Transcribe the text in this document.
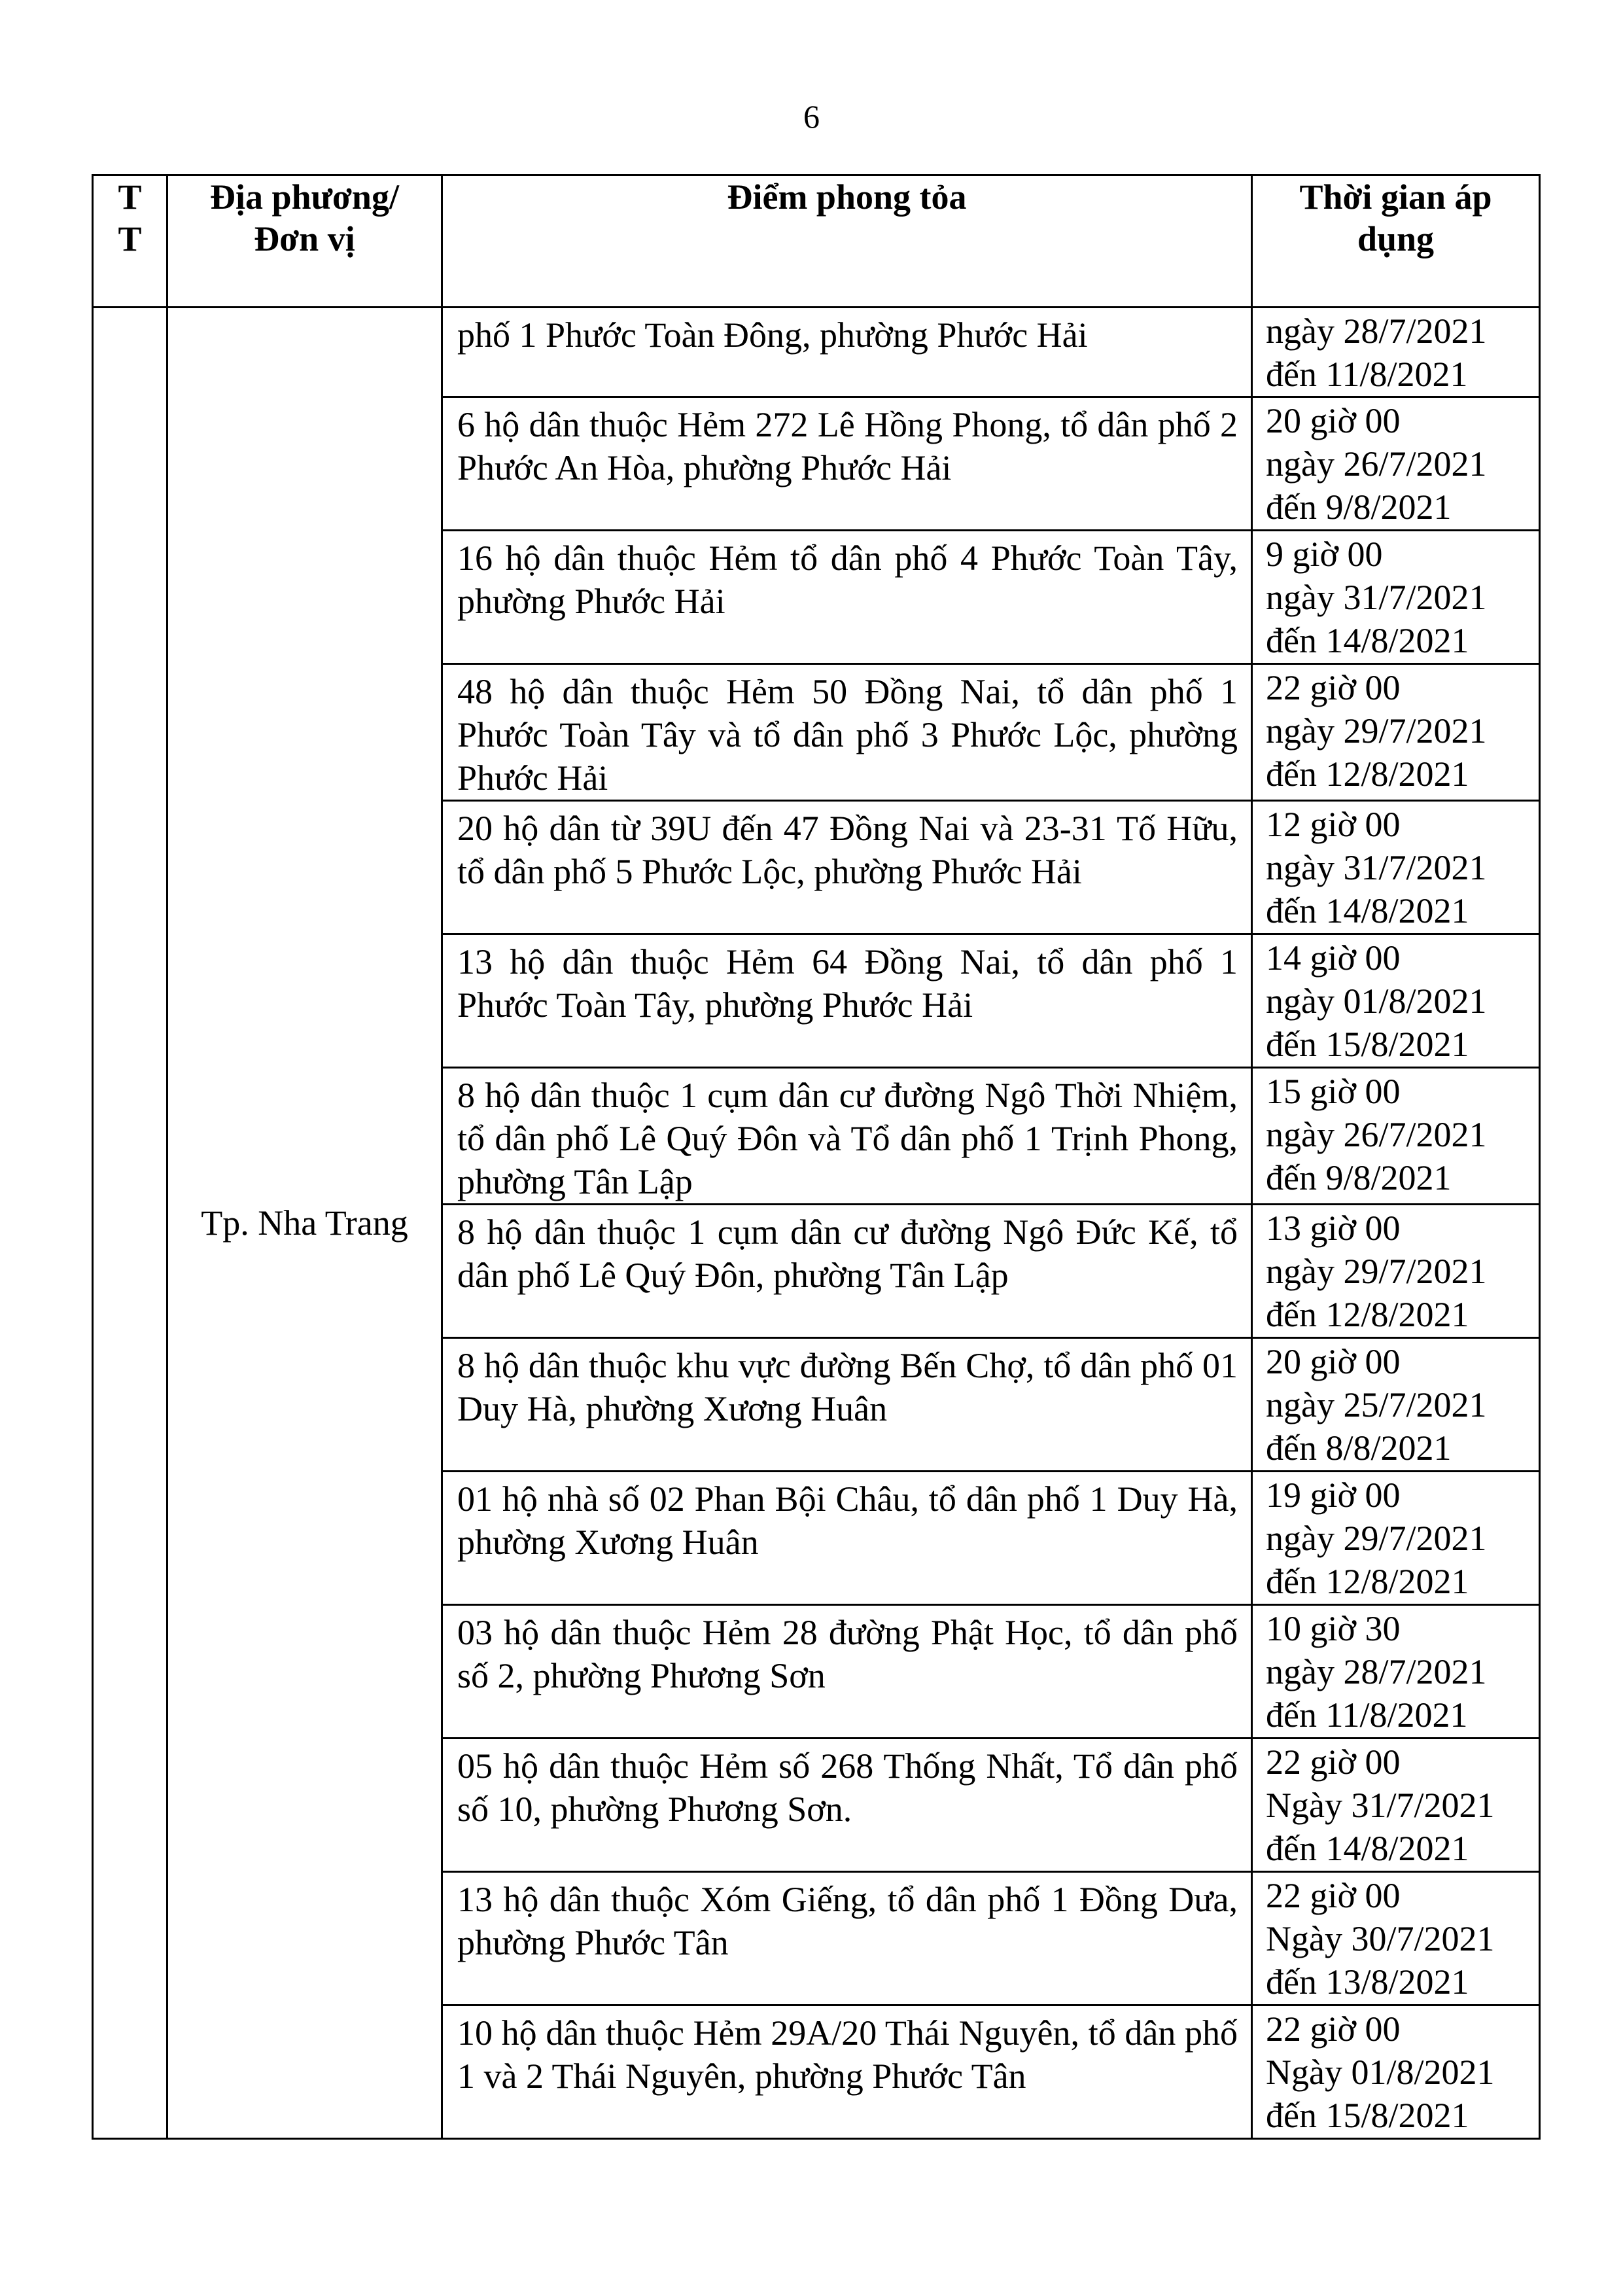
6
T
T	Địa phương/ Đơn vị	Điểm phong tỏa	Thời gian áp dụng
	Tp. Nha Trang	phố 1 Phước Toàn Đông, phường Phước Hải	ngày 28/7/2021
đến 11/8/2021

		6 hộ dân thuộc Hẻm 272 Lê Hồng Phong, tổ dân phố 2 Phước An Hòa, phường Phước Hải	20 giờ 00
ngày 26/7/2021
đến 9/8/2021

		16 hộ dân thuộc Hẻm tổ dân phố 4 Phước Toàn Tây, phường Phước Hải	9 giờ 00
ngày 31/7/2021
đến 14/8/2021

		48 hộ dân thuộc Hẻm 50 Đồng Nai, tổ dân phố 1 Phước Toàn Tây và tổ dân phố 3 Phước Lộc, phường Phước Hải	22 giờ 00
ngày 29/7/2021
đến 12/8/2021

		20 hộ dân từ 39U đến 47 Đồng Nai và 23-31 Tố Hữu, tổ dân phố 5 Phước Lộc, phường Phước Hải	12 giờ 00
ngày 31/7/2021
đến 14/8/2021

		13 hộ dân thuộc Hẻm 64 Đồng Nai, tổ dân phố 1 Phước Toàn Tây, phường Phước Hải	14 giờ 00
ngày 01/8/2021
đến 15/8/2021

		8 hộ dân thuộc 1 cụm dân cư đường Ngô Thời Nhiệm, tổ dân phố Lê Quý Đôn và Tổ dân phố 1 Trịnh Phong, phường Tân Lập	15 giờ 00
ngày 26/7/2021
đến 9/8/2021

		8 hộ dân thuộc 1 cụm dân cư đường Ngô Đức Kế, tổ dân phố Lê Quý Đôn, phường Tân Lập	13 giờ 00
ngày 29/7/2021
đến 12/8/2021

		8 hộ dân thuộc khu vực đường Bến Chợ, tổ dân phố 01 Duy Hà, phường Xương Huân	20 giờ 00
ngày 25/7/2021
đến 8/8/2021

		01 hộ nhà số 02 Phan Bội Châu, tổ dân phố 1 Duy Hà, phường Xương Huân	19 giờ 00
ngày 29/7/2021
đến 12/8/2021

		03 hộ dân thuộc Hẻm 28 đường Phật Học, tổ dân phố số 2, phường Phương Sơn	10 giờ 30
ngày 28/7/2021
đến 11/8/2021

		05 hộ dân thuộc Hẻm số 268 Thống Nhất, Tổ dân phố số 10, phường Phương Sơn.	22 giờ 00
Ngày 31/7/2021
đến 14/8/2021

		13 hộ dân thuộc Xóm Giếng, tổ dân phố 1 Đồng Dưa, phường Phước Tân	22 giờ 00
Ngày 30/7/2021
đến 13/8/2021

		10 hộ dân thuộc Hẻm 29A/20 Thái Nguyên, tổ dân phố 1 và 2 Thái Nguyên, phường Phước Tân	22 giờ 00
Ngày 01/8/2021
đến 15/8/2021
